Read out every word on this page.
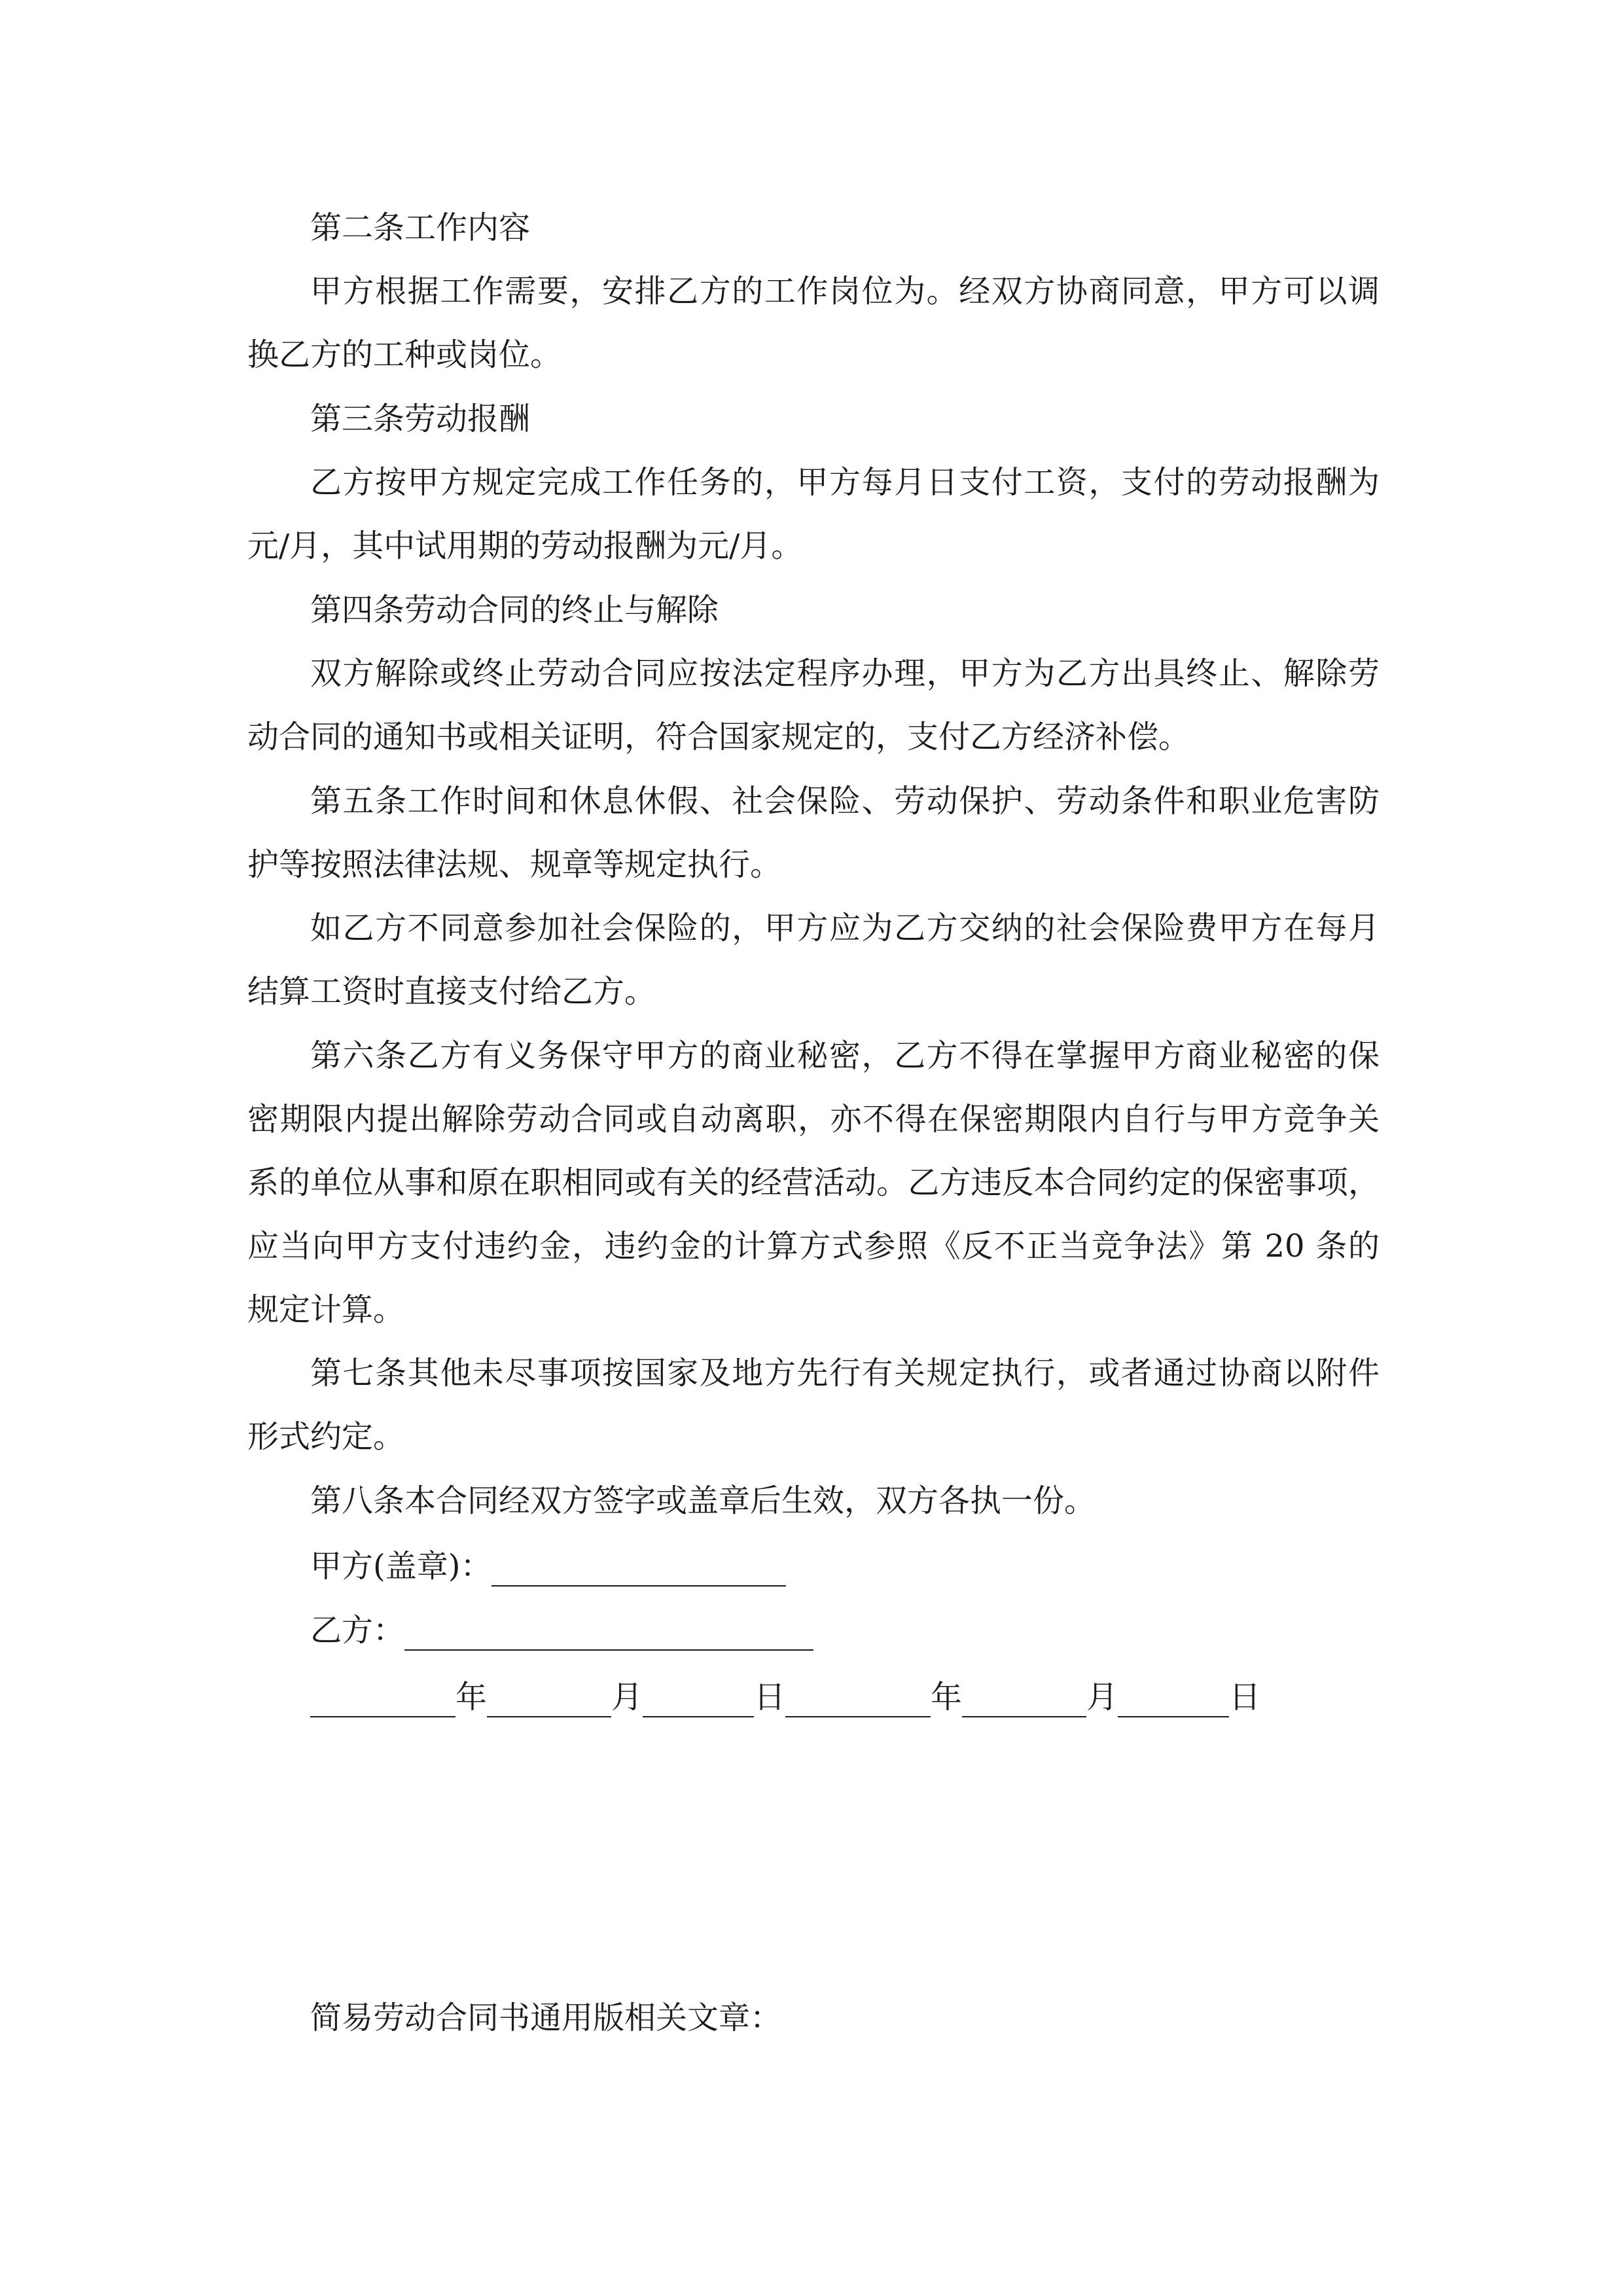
第二条工作内容
甲方根据工作需要，安排乙方的工作岗位为。经双方协商同意，甲方可以调
换乙方的工种或岗位。
第三条劳动报酬
乙方按甲方规定完成工作任务的，甲方每月日支付工资，支付的劳动报酬为
元/月，其中试用期的劳动报酬为元/月。
第四条劳动合同的终止与解除
双方解除或终止劳动合同应按法定程序办理，甲方为乙方出具终止、解除劳
动合同的通知书或相关证明，符合国家规定的，支付乙方经济补偿。
第五条工作时间和休息休假、社会保险、劳动保护、劳动条件和职业危害防
护等按照法律法规、规章等规定执行。
如乙方不同意参加社会保险的，甲方应为乙方交纳的社会保险费甲方在每月
结算工资时直接支付给乙方。
第六条乙方有义务保守甲方的商业秘密，乙方不得在掌握甲方商业秘密的保
密期限内提出解除劳动合同或自动离职，亦不得在保密期限内自行与甲方竞争关
系的单位从事和原在职相同或有关的经营活动。乙方违反本合同约定的保密事项，
应当向甲方支付违约金，违约金的计算方式参照《反不正当竞争法》第 20 条的
规定计算。
第七条其他未尽事项按国家及地方先行有关规定执行，或者通过协商以附件
形式约定。
第八条本合同经双方签字或盖章后生效，双方各执一份。
甲方(盖章)：
乙方：
年	月	日	年	月	日
简易劳动合同书通用版相关文章：
